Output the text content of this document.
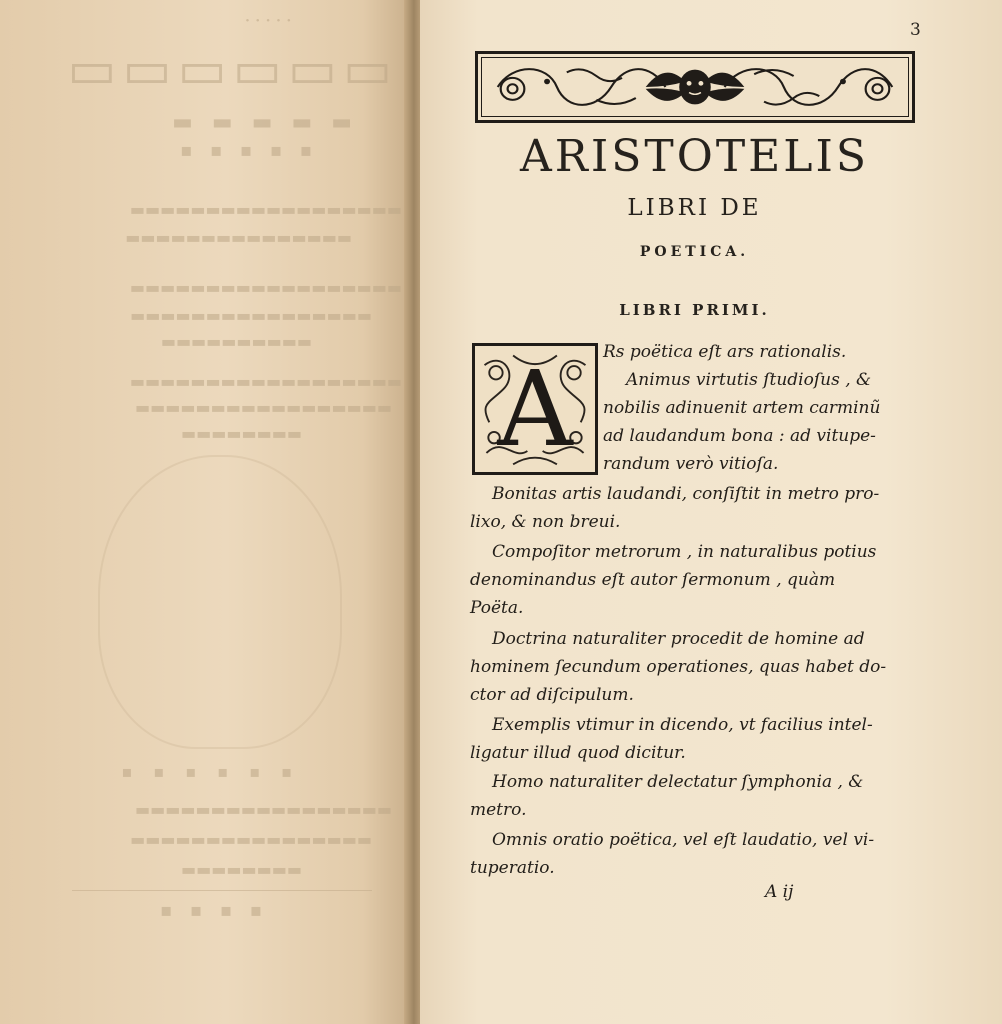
·····
▭▭▭▭▭▭
▬ ▬ ▬ ▬ ▬
▪ ▪ ▪ ▪ ▪
▬▬▬▬▬▬▬▬▬▬▬▬▬▬▬▬▬▬
▬▬▬▬▬▬▬▬▬▬▬▬▬▬▬
▬▬▬▬▬▬▬▬▬▬▬▬▬▬▬▬▬▬
▬▬▬▬▬▬▬▬▬▬▬▬▬▬▬▬
▬▬▬▬▬▬▬▬▬▬
▬▬▬▬▬▬▬▬▬▬▬▬▬▬▬▬▬▬
▬▬▬▬▬▬▬▬▬▬▬▬▬▬▬▬▬
▬▬▬▬▬▬▬▬
▪ ▪ ▪ ▪ ▪ ▪
▬▬▬▬▬▬▬▬▬▬▬▬▬▬▬▬▬
▬▬▬▬▬▬▬▬▬▬▬▬▬▬▬▬
▬▬▬▬▬▬▬▬
▪ ▪ ▪ ▪
3
ARISTOTELIS
LIBRI DE
POETICA.
LIBRI PRIMI.
A	Rs poëtica eſt ars rationalis.
Animus virtutis ſtudioſus , &
nobilis adinuenit artem carminũ
ad laudandum bona : ad vitupe-
randum verò vitioſa.
Bonitas artis laudandi, conſiſtit in metro pro-
lixo, & non breui.
Compoſitor metrorum , in naturalibus potius
denominandus eſt autor ſermonum , quàm
Poëta.
Doctrina naturaliter procedit de homine ad
hominem ſecundum operationes, quas habet do-
ctor ad diſcipulum.
Exemplis vtimur in dicendo, vt facilius intel-
ligatur illud quod dicitur.
Homo naturaliter delectatur ſymphonia , &
metro.
Omnis oratio poëtica, vel eſt laudatio, vel vi-
tuperatio.
A ij
